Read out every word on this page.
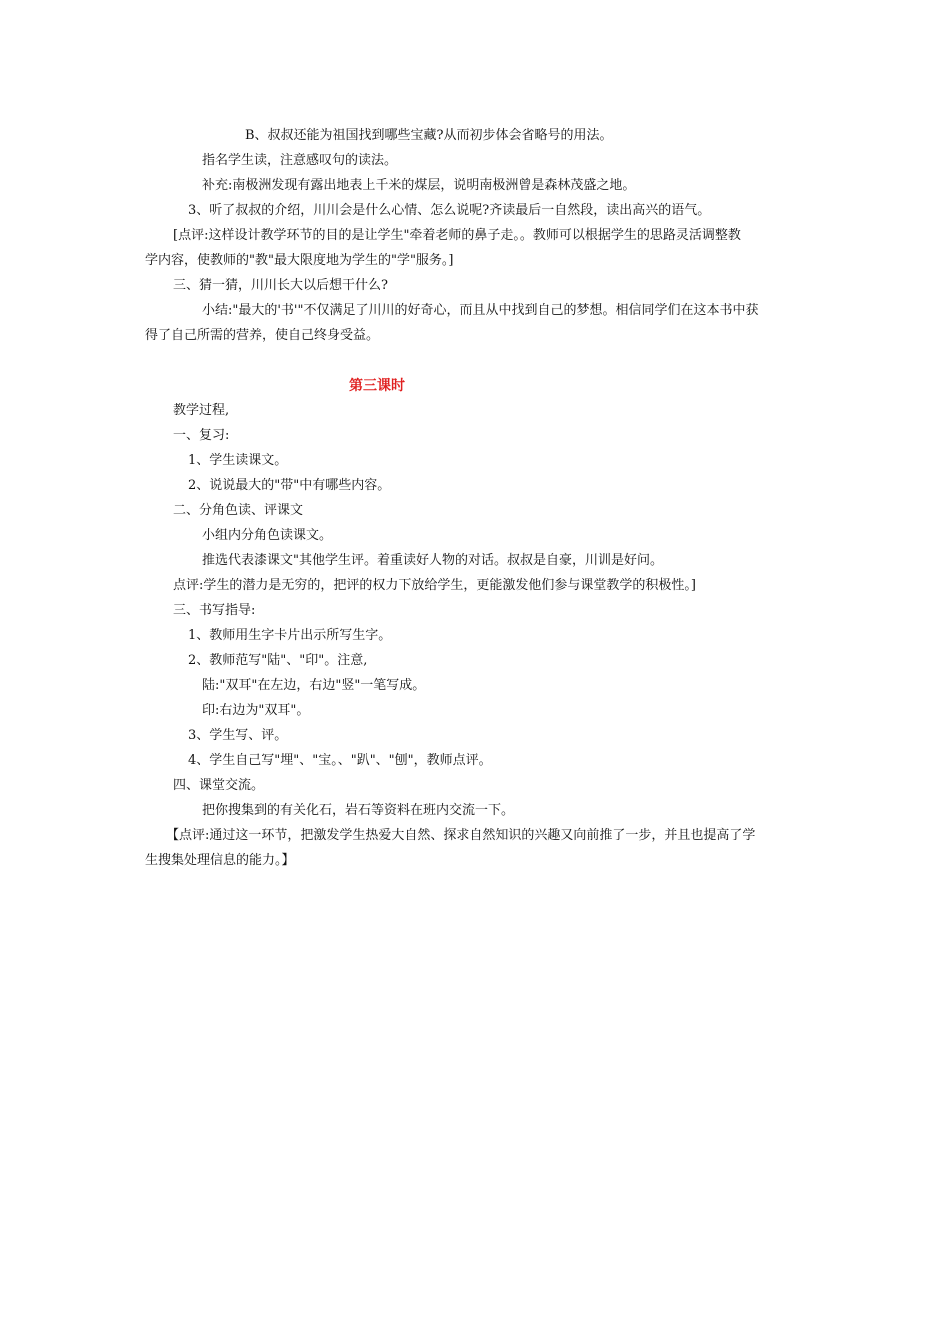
B、叔叔还能为祖国找到哪些宝藏?从而初步体会省略号的用法。

指名学生读，注意感叹句的读法。

补充:南极洲发现有露出地表上千米的煤层，说明南极洲曾是森林茂盛之地。

3、听了叔叔的介绍，川川会是什么心情、怎么说呢?齐读最后一自然段，读出高兴的语气。

[点评:这样设计教学环节的目的是让学生"牵着老师的鼻子走。。教师可以根据学生的思路灵活调整教

学内容，使教师的"教"最大限度地为学生的"学"服务。]

三、猜一猜，川川长大以后想干什么?

小结:"最大的'书'"不仅满足了川川的好奇心，而且从中找到自己的梦想。相信同学们在这本书中获

得了自己所需的营养，使自己终身受益。

第三课时

教学过程,

一、复习:

1、学生读课文。

2、说说最大的"带"中有哪些内容。

二、分角色读、评课文

小组内分角色读课文。

推选代表漆课文"其他学生评。着重读好人物的对话。叔叔是自豪，川训是好问。

点评:学生的潜力是无穷的，把评的权力下放给学生，更能激发他们参与课堂教学的积极性。]

三、书写指导:

1、教师用生字卡片出示所写生字。

2、教师范写"陆"、"印"。注意,

陆:"双耳"在左边，右边"竖"一笔写成。

印:右边为"双耳"。

3、学生写、评。

4、学生自己写"埋"、"宝。、"趴"、"刨"，教师点评。

四、课堂交流。

把你搜集到的有关化石，岩石等资料在班内交流一下。

【点评:通过这一环节，把激发学生热爱大自然、探求自然知识的兴趣又向前推了一步，并且也提高了学

生搜集处理信息的能力。】
